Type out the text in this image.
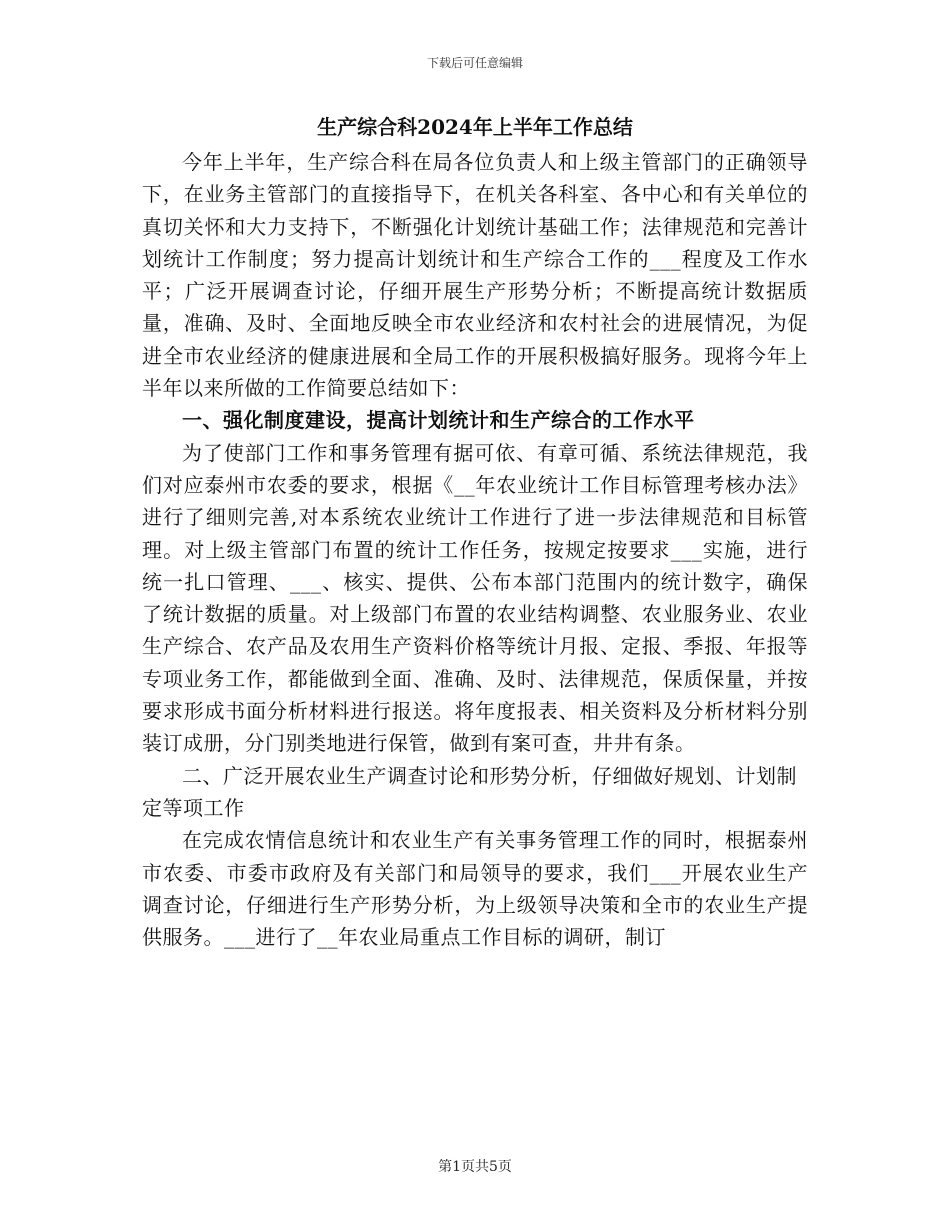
下载后可任意编辑
生产综合科2024年上半年工作总结

今年上半年，生产综合科在局各位负责人和上级主管部门的正确领导下，在业务主管部门的直接指导下，在机关各科室、各中心和有关单位的真切关怀和大力支持下，不断强化计划统计基础工作；法律规范和完善计划统计工作制度；努力提高计划统计和生产综合工作的___程度及工作水平；广泛开展调查讨论，仔细开展生产形势分析；不断提高统计数据质量，准确、及时、全面地反映全市农业经济和农村社会的进展情况，为促进全市农业经济的健康进展和全局工作的开展积极搞好服务。现将今年上半年以来所做的工作简要总结如下：

一、强化制度建设，提高计划统计和生产综合的工作水平

为了使部门工作和事务管理有据可依、有章可循、系统法律规范，我们对应泰州市农委的要求，根据《__年农业统计工作目标管理考核办法》进行了细则完善,对本系统农业统计工作进行了进一步法律规范和目标管理。对上级主管部门布置的统计工作任务，按规定按要求___实施，进行统一扎口管理、___、核实、提供、公布本部门范围内的统计数字，确保了统计数据的质量。对上级部门布置的农业结构调整、农业服务业、农业生产综合、农产品及农用生产资料价格等统计月报、定报、季报、年报等专项业务工作，都能做到全面、准确、及时、法律规范，保质保量，并按要求形成书面分析材料进行报送。将年度报表、相关资料及分析材料分别装订成册，分门别类地进行保管，做到有案可查，井井有条。

二、广泛开展农业生产调查讨论和形势分析，仔细做好规划、计划制定等项工作

在完成农情信息统计和农业生产有关事务管理工作的同时，根据泰州市农委、市委市政府及有关部门和局领导的要求，我们___开展农业生产调查讨论，仔细进行生产形势分析，为上级领导决策和全市的农业生产提供服务。___进行了__年农业局重点工作目标的调研，制订

第1页共5页
